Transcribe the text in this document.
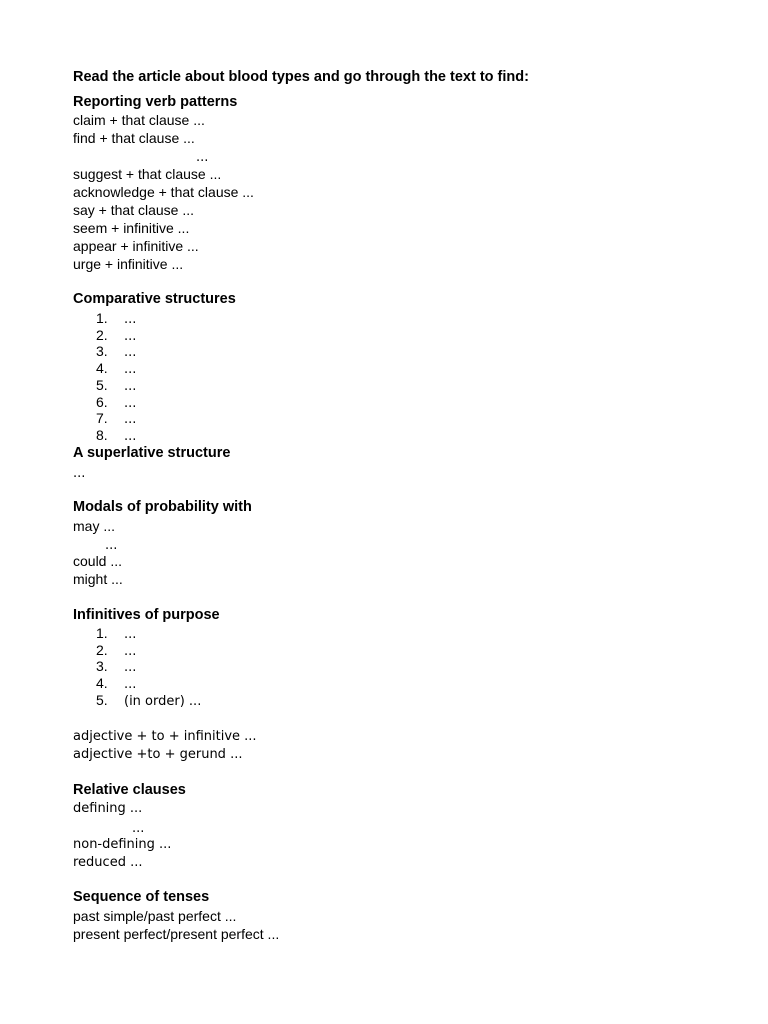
Read the article about blood types and go through the text to find:
Reporting verb patterns
claim + that clause ...
find + that clause ...
...
suggest + that clause ...
acknowledge + that clause ...
say + that clause ...
seem + infinitive ...
appear + infinitive ...
urge + infinitive ...
Comparative structures
1. ...
2. ...
3. ...
4. ...
5. ...
6. ...
7. ...
8. ...
A superlative structure
...
Modals of probability with
may ...
...
could ...
might ...
Infinitives of purpose
1. ...
2. ...
3. ...
4. ...
5. (in order) ...
adjective + to + infinitive ...
adjective +to + gerund ...
Relative clauses
defining ...
...
non-defining ...
reduced ...
Sequence of tenses
past simple/past perfect ...
present perfect/present perfect ...
